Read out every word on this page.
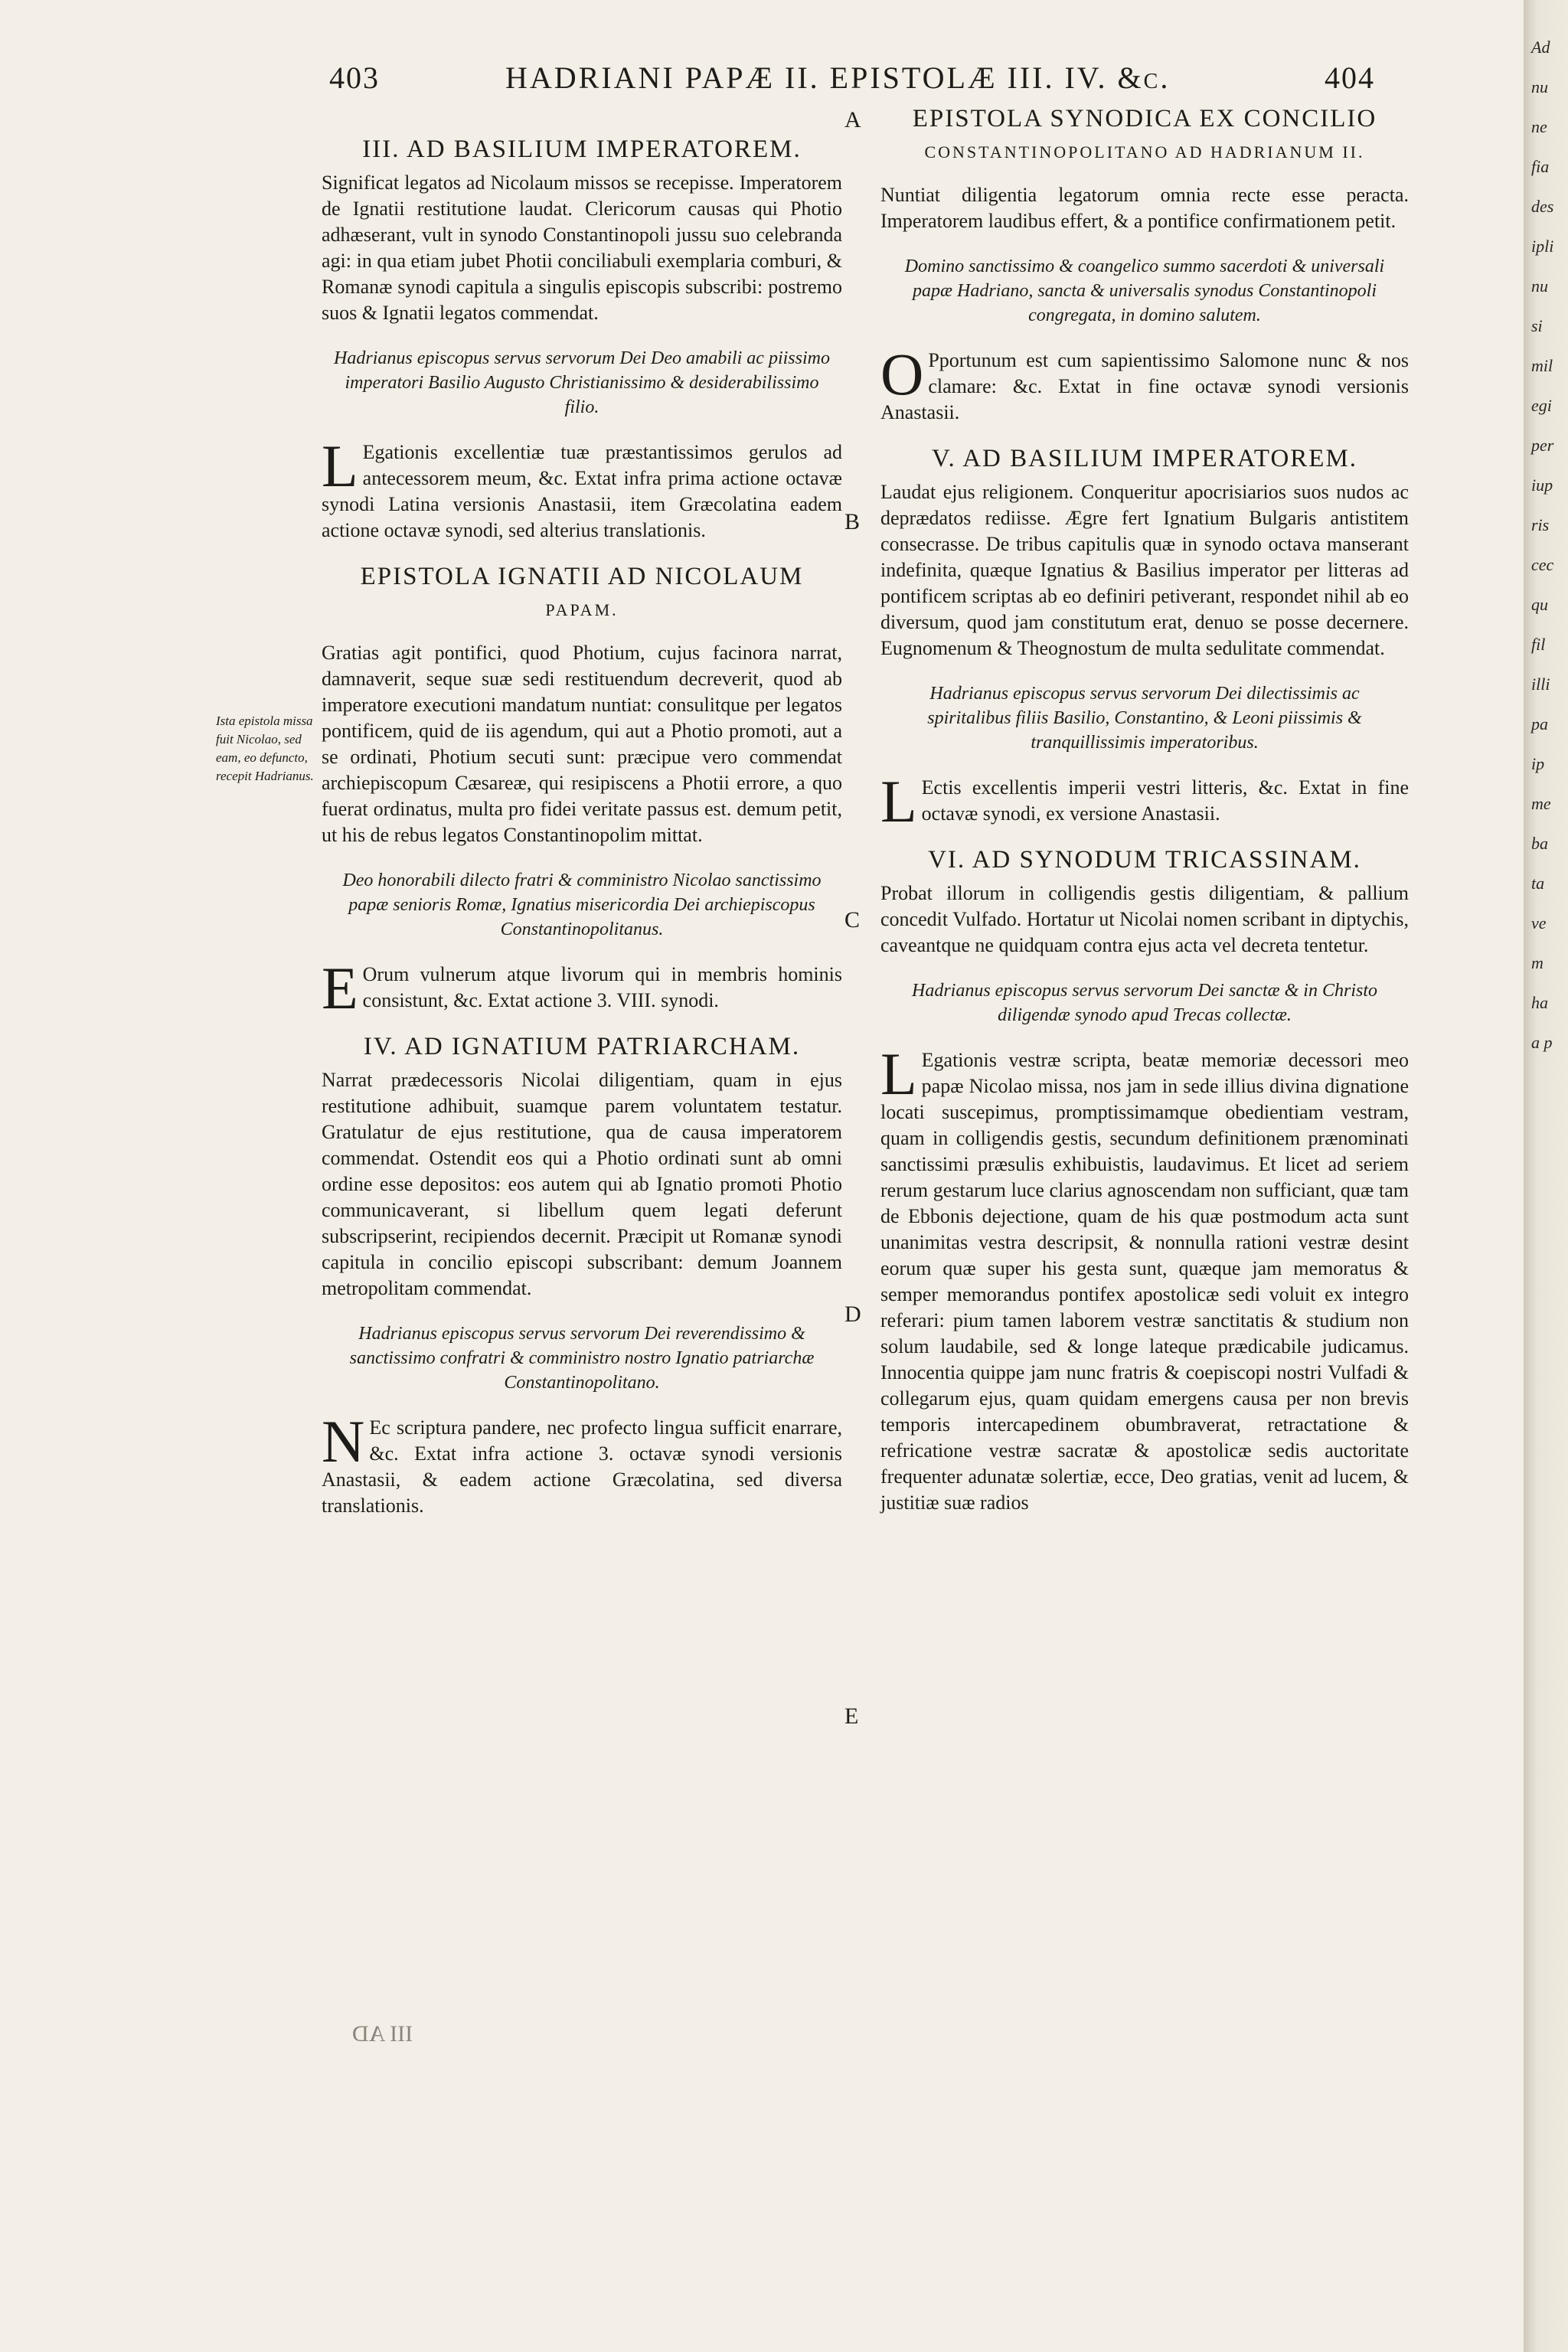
Ad
nu
ne
fia
des
ipli
nu
si
mil
egi
per
iup
ris
cec
qu
fil
illi
pa
ip
me
ba
ta
ve
m
ha
a p
403	HADRIANI PAPÆ II. EPISTOLÆ III. IV. &c.	404
A
B
C
D
E
Ista epistola missa fuit Nicolao, sed eam, eo defuncto, recepit Hadrianus.
III. AD BASILIUM IMPERATOREM.
Significat legatos ad Nicolaum missos se recepisse. Imperatorem de Ignatii restitutione laudat. Clericorum causas qui Photio adhæserant, vult in synodo Constantinopoli jussu suo celebranda agi: in qua etiam jubet Photii conciliabuli exemplaria comburi, & Romanæ synodi capitula a singulis episcopis subscribi: postremo suos & Ignatii legatos commendat.
Hadrianus episcopus servus servorum Dei Deo amabili ac piissimo imperatori Basilio Augusto Christianissimo & desiderabilissimo filio.
L Egationis excellentiæ tuæ præstantissimos gerulos ad antecessorem meum, &c. Extat infra prima actione octavæ synodi Latina versionis Anastasii, item Græcolatina eadem actione octavæ synodi, sed alterius translationis.
EPISTOLA IGNATII AD NICOLAUM
PAPAM.
Gratias agit pontifici, quod Photium, cujus facinora narrat, damnaverit, seque suæ sedi restituendum decreverit, quod ab imperatore executioni mandatum nuntiat: consulitque per legatos pontificem, quid de iis agendum, qui aut a Photio promoti, aut a se ordinati, Photium secuti sunt: præcipue vero commendat archiepiscopum Cæsareæ, qui resipiscens a Photii errore, a quo fuerat ordinatus, multa pro fidei veritate passus est. demum petit, ut his de rebus legatos Constantinopolim mittat.
Deo honorabili dilecto fratri & comministro Nicolao sanctissimo papæ senioris Romæ, Ignatius misericordia Dei archiepiscopus Constantinopolitanus.
E Orum vulnerum atque livorum qui in membris hominis consistunt, &c. Extat actione 3. VIII. synodi.
IV. AD IGNATIUM PATRIARCHAM.
Narrat prædecessoris Nicolai diligentiam, quam in ejus restitutione adhibuit, suamque parem voluntatem testatur. Gratulatur de ejus restitutione, qua de causa imperatorem commendat. Ostendit eos qui a Photio ordinati sunt ab omni ordine esse depositos: eos autem qui ab Ignatio promoti Photio communicaverant, si libellum quem legati deferunt subscripserint, recipiendos decernit. Præcipit ut Romanæ synodi capitula in concilio episcopi subscribant: demum Joannem metropolitam commendat.
Hadrianus episcopus servus servorum Dei reverendissimo & sanctissimo confratri & comministro nostro Ignatio patriarchæ Constantinopolitano.
N Ec scriptura pandere, nec profecto lingua sufficit enarrare, &c. Extat infra actione 3. octavæ synodi versionis Anastasii, & eadem actione Græcolatina, sed diversa translationis.
III AD
EPISTOLA SYNODICA EX CONCILIO
CONSTANTINOPOLITANO AD HADRIANUM II.
Nuntiat diligentia legatorum omnia recte esse peracta. Imperatorem laudibus effert, & a pontifice confirmationem petit.
Domino sanctissimo & coangelico summo sacerdoti & universali papæ Hadriano, sancta & universalis synodus Constantinopoli congregata, in domino salutem.
O Pportunum est cum sapientissimo Salomone nunc & nos clamare: &c. Extat in fine octavæ synodi versionis Anastasii.
V. AD BASILIUM IMPERATOREM.
Laudat ejus religionem. Conqueritur apocrisiarios suos nudos ac deprædatos rediisse. Ægre fert Ignatium Bulgaris antistitem consecrasse. De tribus capitulis quæ in synodo octava manserant indefinita, quæque Ignatius & Basilius imperator per litteras ad pontificem scriptas ab eo definiri petiverant, respondet nihil ab eo diversum, quod jam constitutum erat, denuo se posse decernere. Eugnomenum & Theognostum de multa sedulitate commendat.
Hadrianus episcopus servus servorum Dei dilectissimis ac spiritalibus filiis Basilio, Constantino, & Leoni piissimis & tranquillissimis imperatoribus.
L Ectis excellentis imperii vestri litteris, &c. Extat in fine octavæ synodi, ex versione Anastasii.
VI. AD SYNODUM TRICASSINAM.
Probat illorum in colligendis gestis diligentiam, & pallium concedit Vulfado. Hortatur ut Nicolai nomen scribant in diptychis, caveantque ne quidquam contra ejus acta vel decreta tentetur.
Hadrianus episcopus servus servorum Dei sanctæ & in Christo diligendæ synodo apud Trecas collectæ.
L Egationis vestræ scripta, beatæ memoriæ decessori meo papæ Nicolao missa, nos jam in sede illius divina dignatione locati suscepimus, promptissimamque obedientiam vestram, quam in colligendis gestis, secundum definitionem prænominati sanctissimi præsulis exhibuistis, laudavimus. Et licet ad seriem rerum gestarum luce clarius agnoscendam non sufficiant, quæ tam de Ebbonis dejectione, quam de his quæ postmodum acta sunt unanimitas vestra descripsit, & nonnulla rationi vestræ desint eorum quæ super his gesta sunt, quæque jam memoratus & semper memorandus pontifex apostolicæ sedi voluit ex integro referari: pium tamen laborem vestræ sanctitatis & studium non solum laudabile, sed & longe lateque prædicabile judicamus. Innocentia quippe jam nunc fratris & coepiscopi nostri Vulfadi & collegarum ejus, quam quidam emergens causa per non brevis temporis intercapedinem obumbraverat, retractatione & refricatione vestræ sacratæ & apostolicæ sedis auctoritate frequenter adunatæ solertiæ, ecce, Deo gratias, venit ad lucem, & justitiæ suæ radios
